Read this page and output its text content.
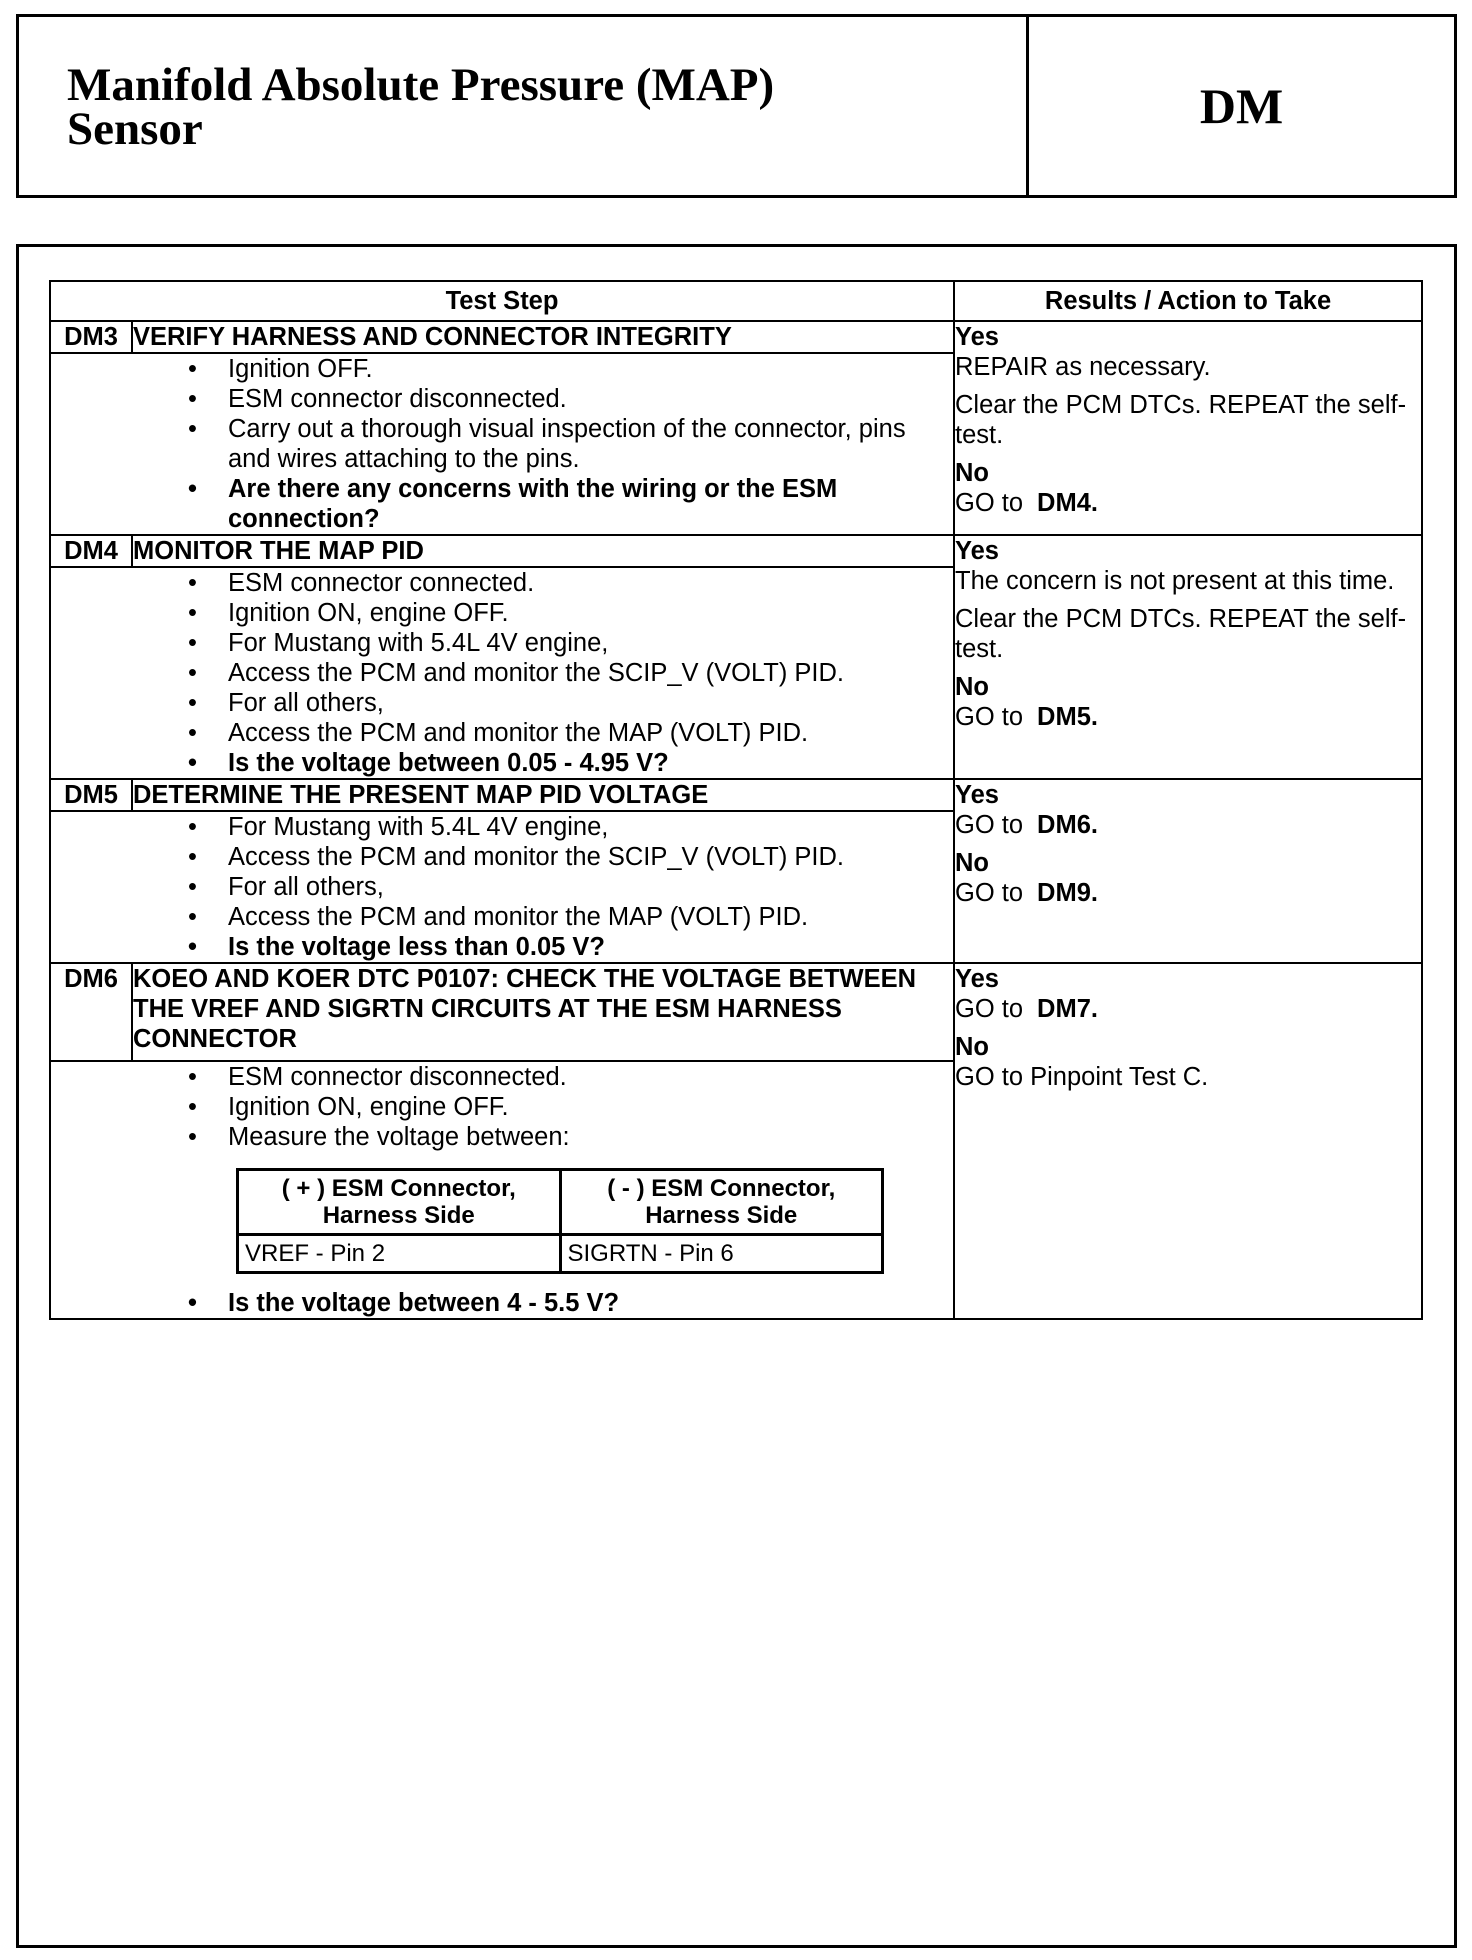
Manifold Absolute Pressure (MAP)
Sensor	DM
Test Step	Results / Action to Take
DM3	VERIFY HARNESS AND CONNECTOR INTEGRITY	Yes
REPAIR as necessary.
Clear the PCM DTCs. REPEAT the self-test.
No
GO to DM4.

• Ignition OFF.
• ESM connector disconnected.
• Carry out a thorough visual inspection of the connector, pins and wires attaching to the pins.
• Are there any concerns with the wiring or the ESM connection?

DM4	MONITOR THE MAP PID	Yes
The concern is not present at this time.
Clear the PCM DTCs. REPEAT the self-test.
No
GO to DM5.

• ESM connector connected.
• Ignition ON, engine OFF.
• For Mustang with 5.4L 4V engine,
• Access the PCM and monitor the SCIP_V (VOLT) PID.
• For all others,
• Access the PCM and monitor the MAP (VOLT) PID.
• Is the voltage between 0.05 - 4.95 V?

DM5	DETERMINE THE PRESENT MAP PID VOLTAGE	Yes
GO to DM6.
No
GO to DM9.

• For Mustang with 5.4L 4V engine,
• Access the PCM and monitor the SCIP_V (VOLT) PID.
• For all others,
• Access the PCM and monitor the MAP (VOLT) PID.
• Is the voltage less than 0.05 V?

DM6	KOEO AND KOER DTC P0107: CHECK THE VOLTAGE BETWEEN THE VREF AND SIGRTN CIRCUITS AT THE ESM HARNESS CONNECTOR	
Yes
GO to DM7.
No
GO to Pinpoint Test C.

• ESM connector disconnected.
• Ignition ON, engine OFF.
• Measure the voltage between:
( + ) ESM Connector, Harness Side	( - ) ESM Connector, Harness Side
VREF - Pin 2	SIGRTN - Pin 6
• Is the voltage between 4 - 5.5 V?
